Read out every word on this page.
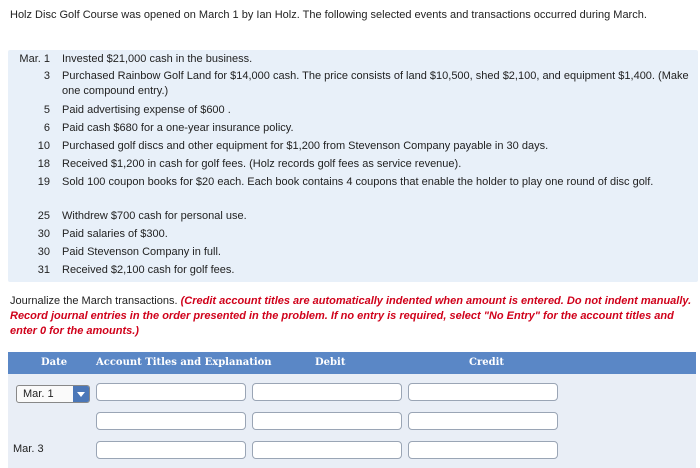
Holz Disc Golf Course was opened on March 1 by Ian Holz. The following selected events and transactions occurred during March.
Mar. 1 Invested $21,000 cash in the business.
3 Purchased Rainbow Golf Land for $14,000 cash. The price consists of land $10,500, shed $2,100, and equipment $1,400. (Make one compound entry.)
5 Paid advertising expense of $600 .
6 Paid cash $680 for a one-year insurance policy.
10 Purchased golf discs and other equipment for $1,200 from Stevenson Company payable in 30 days.
18 Received $1,200 in cash for golf fees. (Holz records golf fees as service revenue).
19 Sold 100 coupon books for $20 each. Each book contains 4 coupons that enable the holder to play one round of disc golf.
25 Withdrew $700 cash for personal use.
30 Paid salaries of $300.
30 Paid Stevenson Company in full.
31 Received $2,100 cash for golf fees.
Journalize the March transactions. (Credit account titles are automatically indented when amount is entered. Do not indent manually. Record journal entries in the order presented in the problem. If no entry is required, select "No Entry" for the account titles and enter 0 for the amounts.)
Date	Account Titles and Explanation	Debit	Credit
Mar. 1
Mar. 3
